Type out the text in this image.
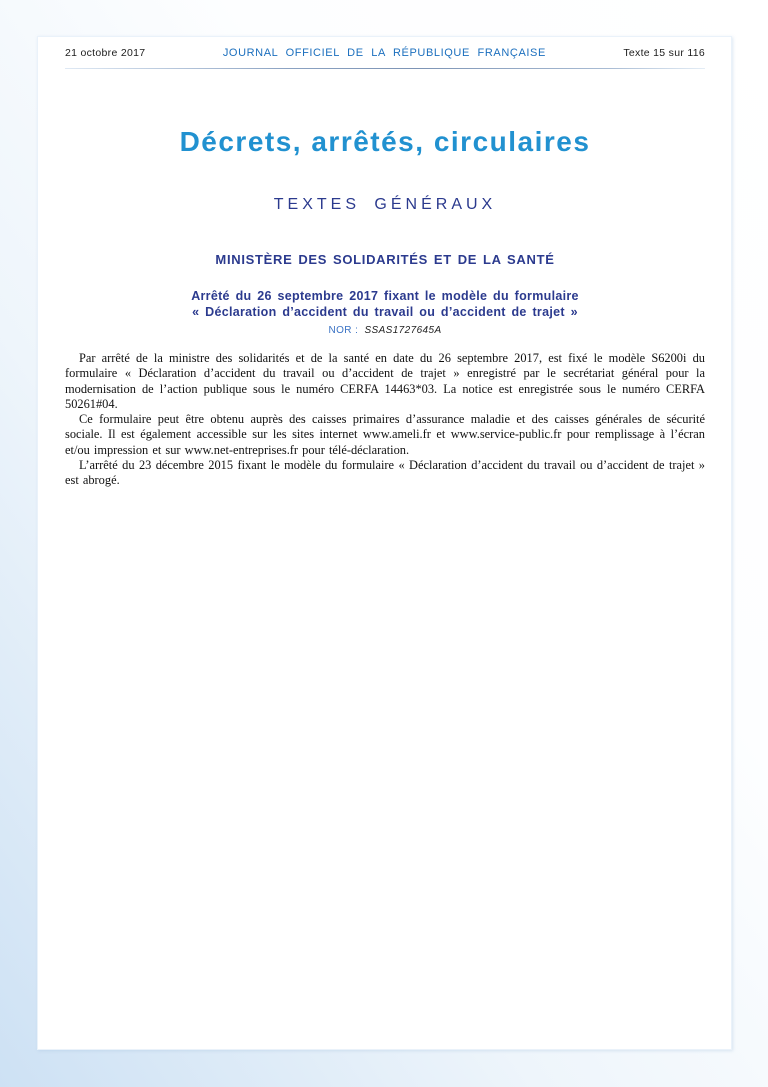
21 octobre 2017	JOURNAL OFFICIEL DE LA RÉPUBLIQUE FRANÇAISE	Texte 15 sur 116
Décrets, arrêtés, circulaires
TEXTES GÉNÉRAUX
MINISTÈRE DES SOLIDARITÉS ET DE LA SANTÉ
Arrêté du 26 septembre 2017 fixant le modèle du formulaire
« Déclaration d’accident du travail ou d’accident de trajet »
NOR : SSAS1727645A

Par arrêté de la ministre des solidarités et de la santé en date du 26 septembre 2017, est fixé le modèle S6200i du formulaire « Déclaration d’accident du travail ou d’accident de trajet » enregistré par le secrétariat général pour la modernisation de l’action publique sous le numéro CERFA 14463*03. La notice est enregistrée sous le numéro CERFA 50261#04.

Ce formulaire peut être obtenu auprès des caisses primaires d’assurance maladie et des caisses générales de sécurité sociale. Il est également accessible sur les sites internet www.ameli.fr et www.service-public.fr pour remplissage à l’écran et/ou impression et sur www.net-entreprises.fr pour télé-déclaration.

L’arrêté du 23 décembre 2015 fixant le modèle du formulaire « Déclaration d’accident du travail ou d’accident de trajet » est abrogé.
